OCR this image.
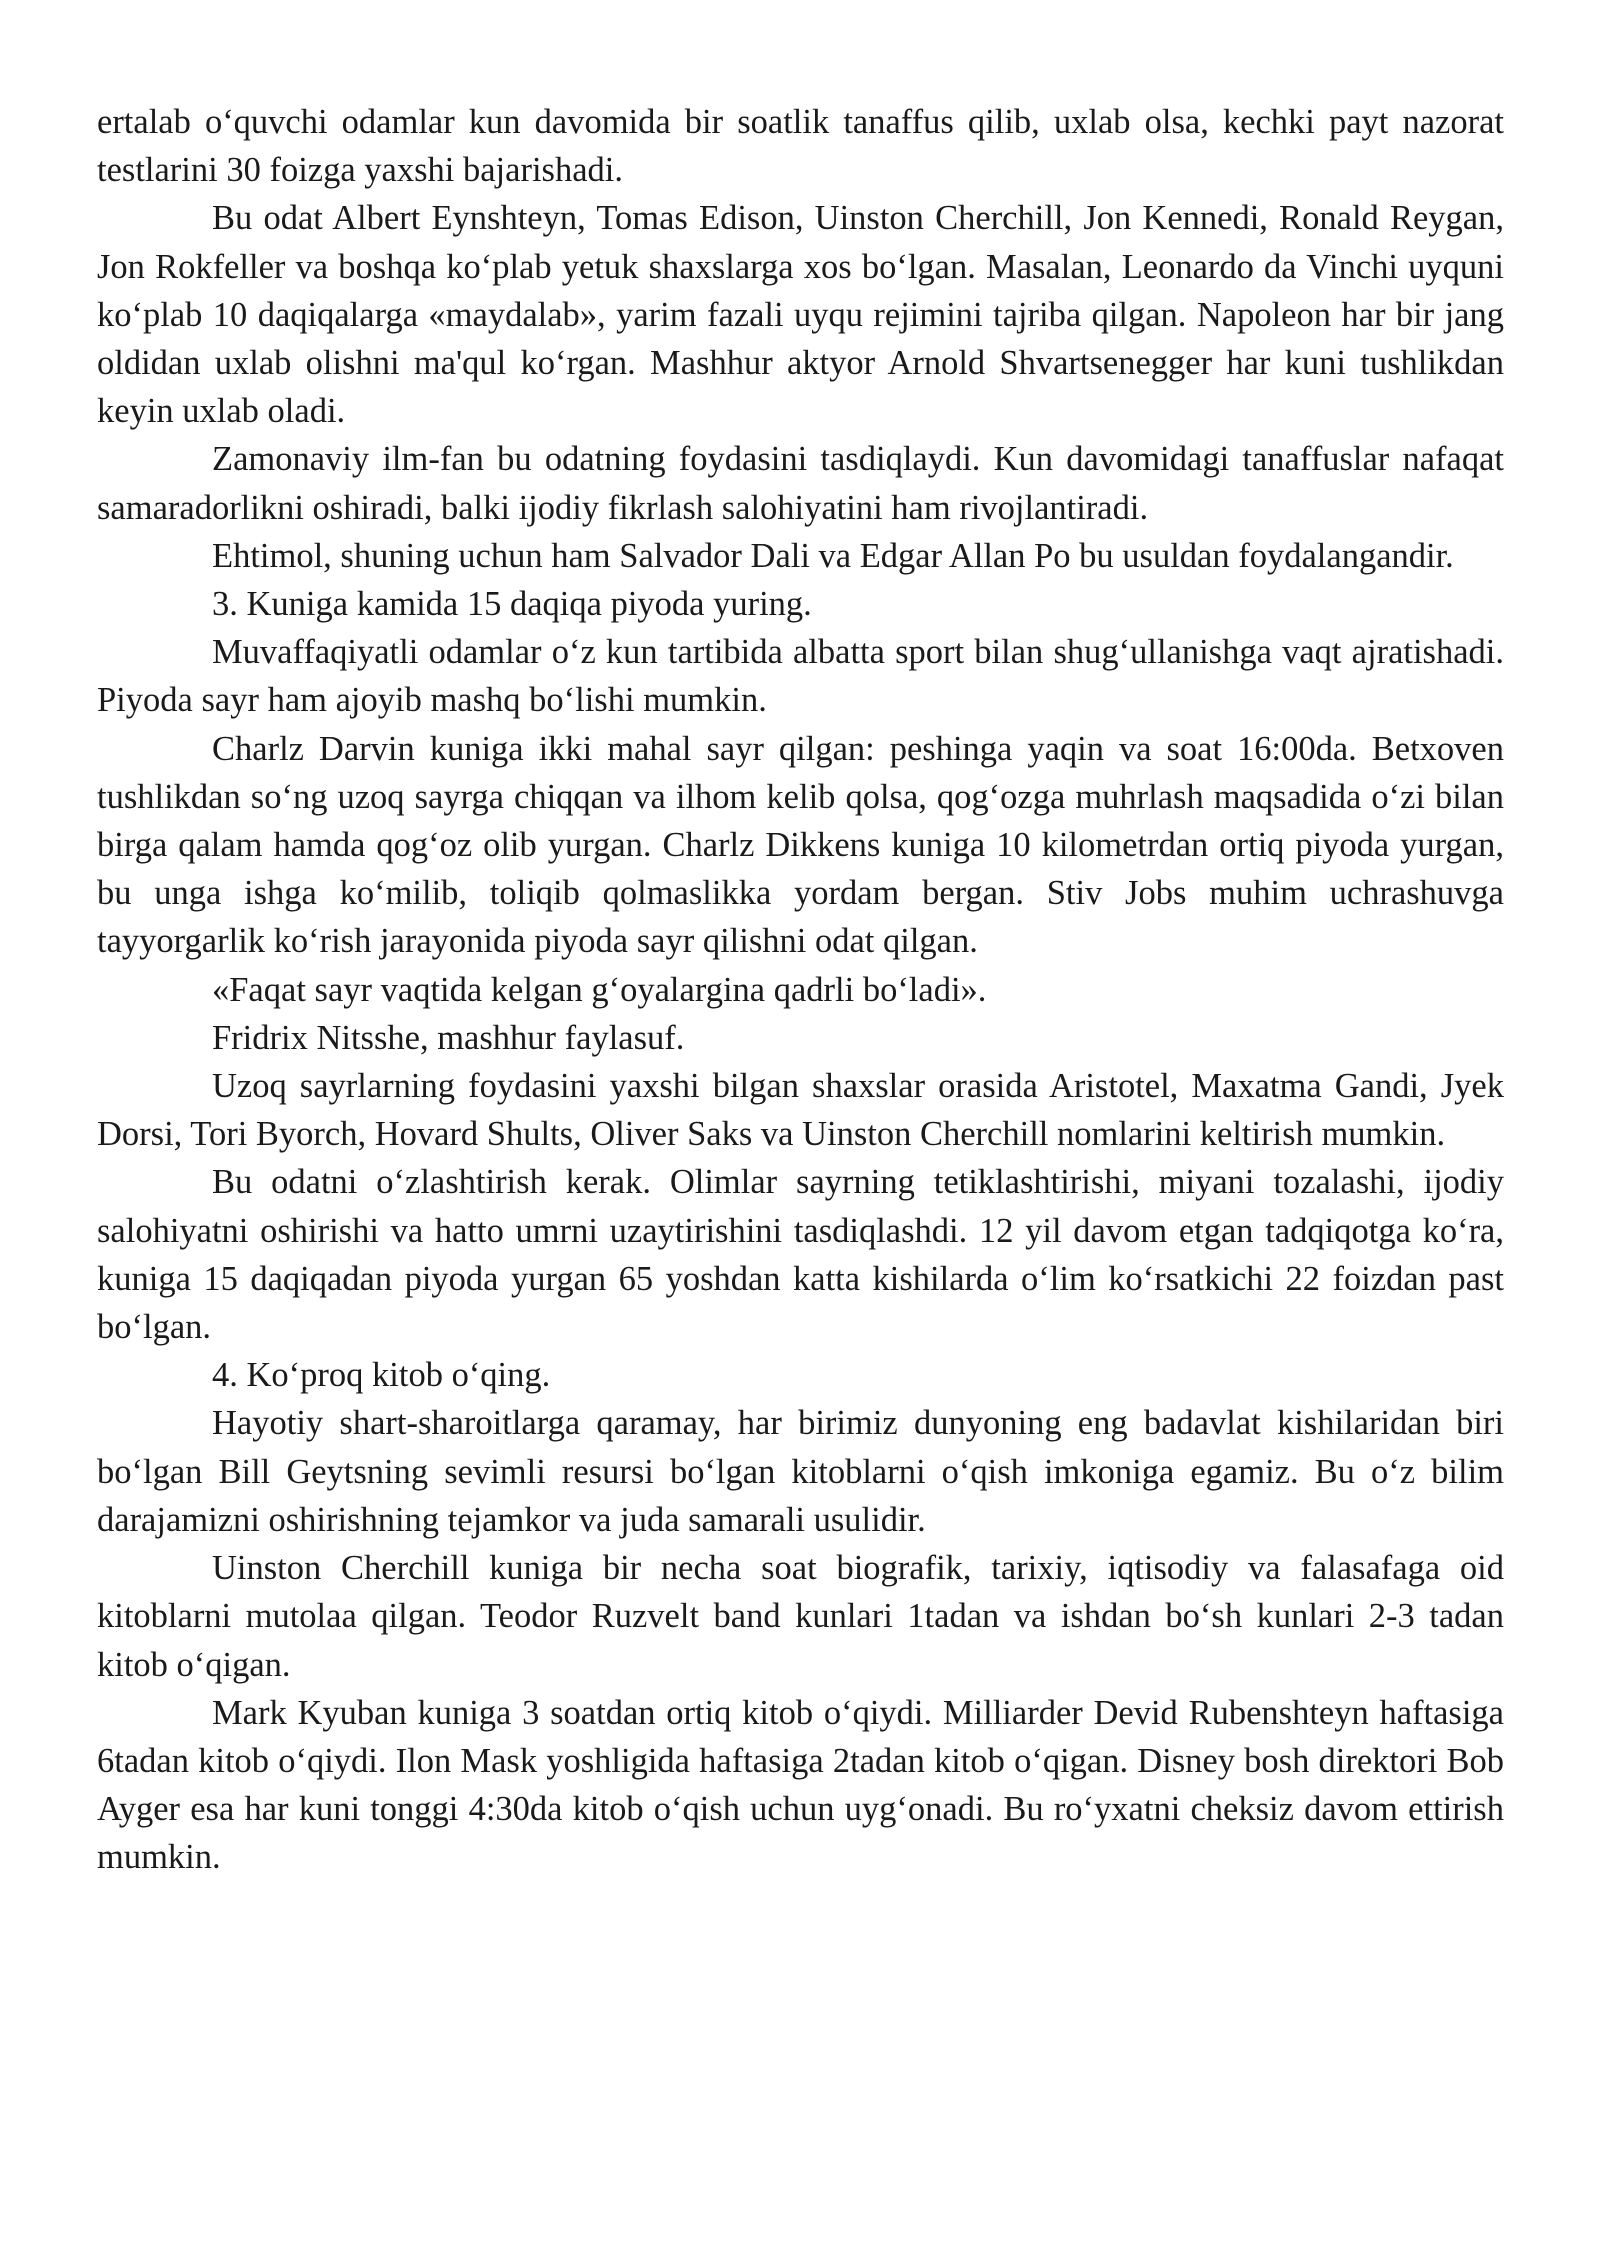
ertalab o‘quvchi odamlar kun davomida bir soatlik tanaffus qilib, uxlab olsa, kechki payt nazorat testlarini 30 foizga yaxshi bajarishadi.

Bu odat Albert Eynshteyn, Tomas Edison, Uinston Cherchill, Jon Kennedi, Ronald Reygan, Jon Rokfeller va boshqa ko‘plab yetuk shaxslarga xos bo‘lgan. Masalan, Leonardo da Vinchi uyquni ko‘plab 10 daqiqalarga «maydalab», yarim fazali uyqu rejimini tajriba qilgan. Napoleon har bir jang oldidan uxlab olishni ma'qul ko‘rgan. Mashhur aktyor Arnold Shvartsenegger har kuni tushlikdan keyin uxlab oladi.

Zamonaviy ilm-fan bu odatning foydasini tasdiqlaydi. Kun davomidagi tanaffuslar nafaqat samaradorlikni oshiradi, balki ijodiy fikrlash salohiyatini ham rivojlantiradi.

Ehtimol, shuning uchun ham Salvador Dali va Edgar Allan Po bu usuldan foydalangandir.

3. Kuniga kamida 15 daqiqa piyoda yuring.

Muvaffaqiyatli odamlar o‘z kun tartibida albatta sport bilan shug‘ullanishga vaqt ajratishadi. Piyoda sayr ham ajoyib mashq bo‘lishi mumkin.

Charlz Darvin kuniga ikki mahal sayr qilgan: peshinga yaqin va soat 16:00da. Betxoven tushlikdan so‘ng uzoq sayrga chiqqan va ilhom kelib qolsa, qog‘ozga muhrlash maqsadida o‘zi bilan birga qalam hamda qog‘oz olib yurgan. Charlz Dikkens kuniga 10 kilometrdan ortiq piyoda yurgan, bu unga ishga ko‘milib, toliqib qolmaslikka yordam bergan. Stiv Jobs muhim uchrashuvga tayyorgarlik ko‘rish jarayonida piyoda sayr qilishni odat qilgan.

«Faqat sayr vaqtida kelgan g‘oyalargina qadrli bo‘ladi».

Fridrix Nitsshe, mashhur faylasuf.

Uzoq sayrlarning foydasini yaxshi bilgan shaxslar orasida Aristotel, Maxatma Gandi, Jyek Dorsi, Tori Byorch, Hovard Shults, Oliver Saks va Uinston Cherchill nomlarini keltirish mumkin.

Bu odatni o‘zlashtirish kerak. Olimlar sayrning tetiklashtirishi, miyani tozalashi, ijodiy salohiyatni oshirishi va hatto umrni uzaytirishini tasdiqlashdi. 12 yil davom etgan tadqiqotga ko‘ra, kuniga 15 daqiqadan piyoda yurgan 65 yoshdan katta kishilarda o‘lim ko‘rsatkichi 22 foizdan past bo‘lgan.

4. Ko‘proq kitob o‘qing.

Hayotiy shart-sharoitlarga qaramay, har birimiz dunyoning eng badavlat kishilaridan biri bo‘lgan Bill Geytsning sevimli resursi bo‘lgan kitoblarni o‘qish imkoniga egamiz. Bu o‘z bilim darajamizni oshirishning tejamkor va juda samarali usulidir.

Uinston Cherchill kuniga bir necha soat biografik, tarixiy, iqtisodiy va falasafaga oid kitoblarni mutolaa qilgan. Teodor Ruzvelt band kunlari 1tadan va ishdan bo‘sh kunlari 2-3 tadan kitob o‘qigan.

Mark Kyuban kuniga 3 soatdan ortiq kitob o‘qiydi. Milliarder Devid Rubenshteyn haftasiga 6tadan kitob o‘qiydi. Ilon Mask yoshligida haftasiga 2tadan kitob o‘qigan. Disney bosh direktori Bob Ayger esa har kuni tonggi 4:30da kitob o‘qish uchun uyg‘onadi. Bu ro‘yxatni cheksiz davom ettirish mumkin.
